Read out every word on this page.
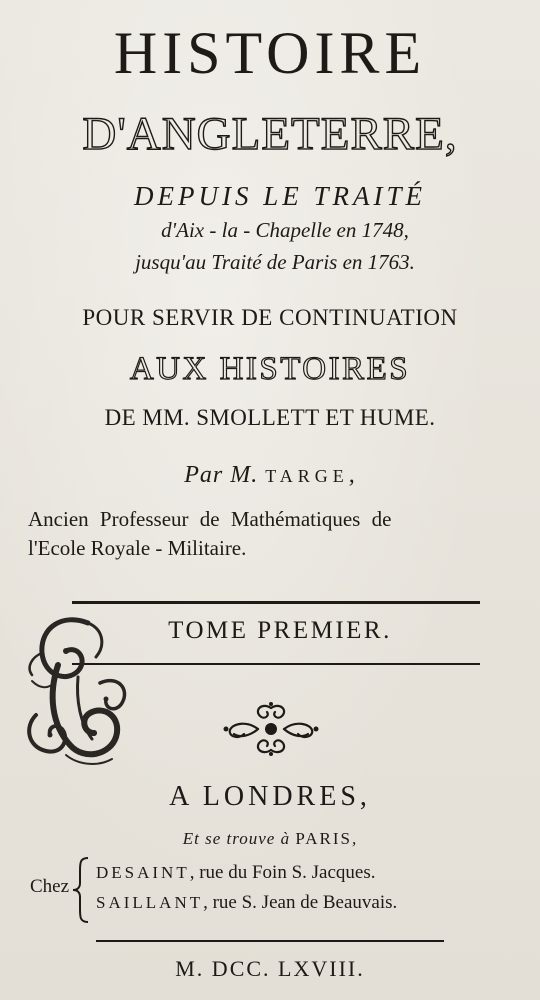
HISTOIRE
D'ANGLETERRE,
DEPUIS LE TRAITÉ
d'Aix - la - Chapelle en 1748,
jusqu'au Traité de Paris en 1763.
POUR SERVIR DE CONTINUATION
AUX HISTOIRES
DE MM. SMOLLETT ET HUME.
Par M. TARGE,
Ancien Professeur de Mathématiques de
l'Ecole Royale - Militaire.
TOME PREMIER.
A LONDRES,
Et se trouve à PARIS,
Chez
DESAINT, rue du Foin S. Jacques.
SAILLANT, rue S. Jean de Beauvais.
M. DCC. LXVIII.
